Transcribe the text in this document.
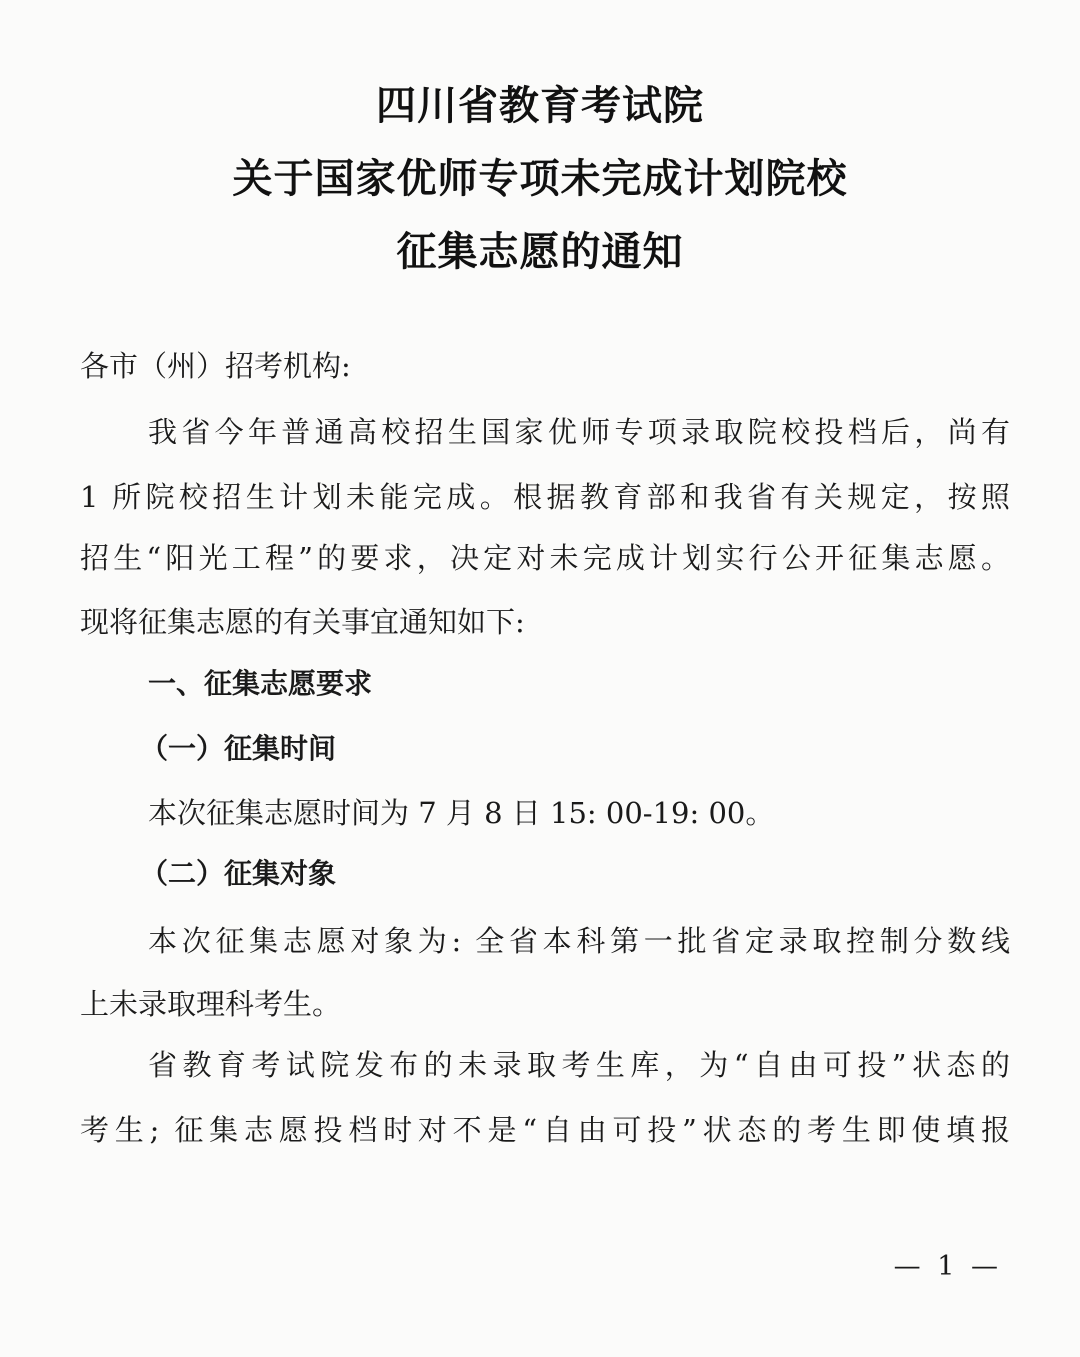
四川省教育考试院
关于国家优师专项未完成计划院校
征集志愿的通知
各市（州）招考机构:
我省今年普通高校招生国家优师专项录取院校投档后，尚有
1 所院校招生计划未能完成。根据教育部和我省有关规定，按照
招生“阳光工程”的要求，决定对未完成计划实行公开征集志愿。
现将征集志愿的有关事宜通知如下:
一、征集志愿要求
（一）征集时间
本次征集志愿时间为 7 月 8 日 15: 00-19: 00。
（二）征集对象
本次征集志愿对象为: 全省本科第一批省定录取控制分数线
上未录取理科考生。
省教育考试院发布的未录取考生库，为“自由可投”状态的
考生; 征集志愿投档时对不是“自由可投”状态的考生即使填报
— 1 —
